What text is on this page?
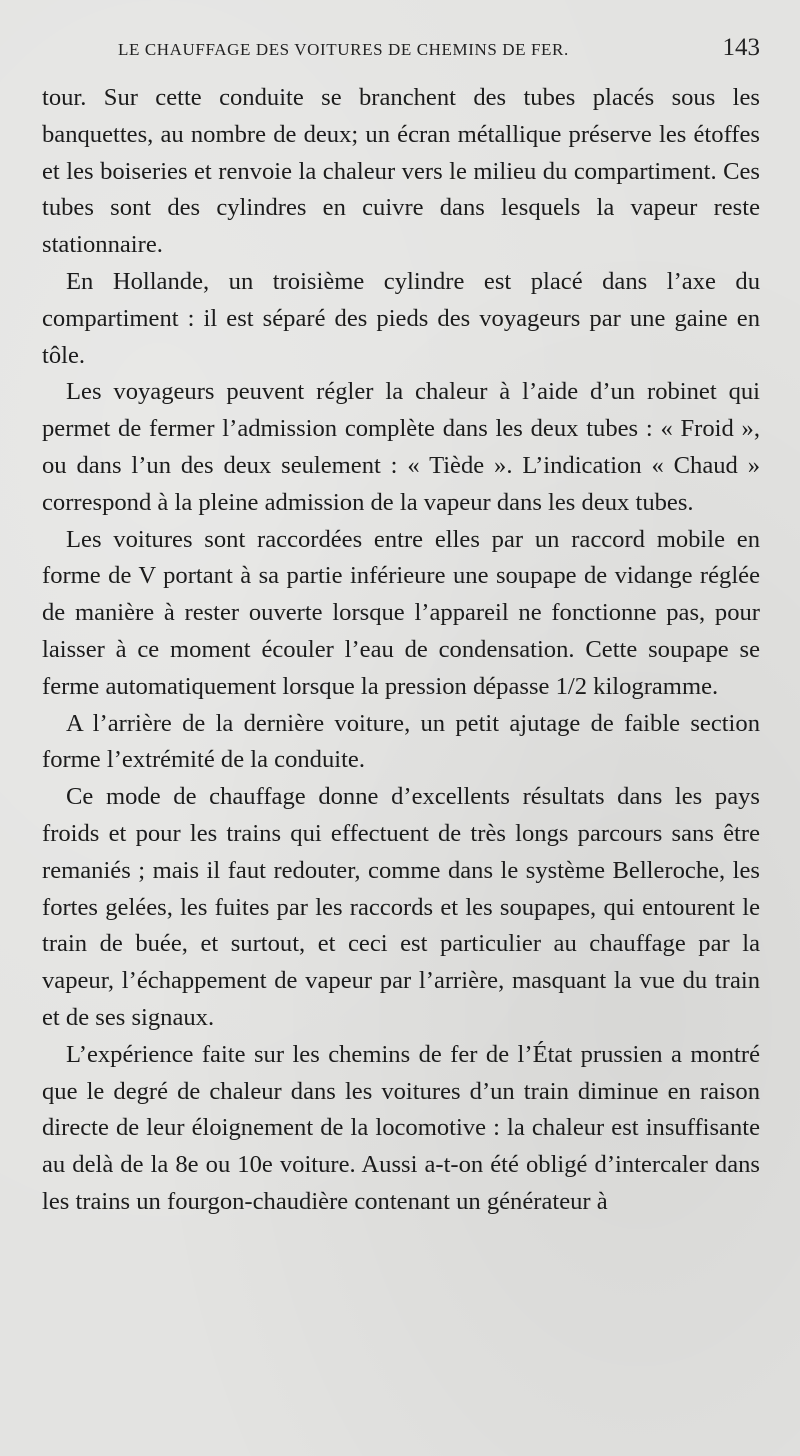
LE CHAUFFAGE DES VOITURES DE CHEMINS DE FER.	143

tour. Sur cette conduite se branchent des tubes placés sous les banquettes, au nombre de deux; un écran métallique préserve les étoffes et les boiseries et renvoie la chaleur vers le milieu du compartiment. Ces tubes sont des cylindres en cuivre dans lesquels la vapeur reste stationnaire.

En Hollande, un troisième cylindre est placé dans l’axe du compartiment : il est séparé des pieds des voyageurs par une gaine en tôle.

Les voyageurs peuvent régler la chaleur à l’aide d’un robinet qui permet de fermer l’admission complète dans les deux tubes : « Froid », ou dans l’un des deux seulement : « Tiède ». L’indication « Chaud » correspond à la pleine admission de la vapeur dans les deux tubes.

Les voitures sont raccordées entre elles par un raccord mobile en forme de V portant à sa partie inférieure une soupape de vidange réglée de manière à rester ouverte lorsque l’appareil ne fonctionne pas, pour laisser à ce moment écouler l’eau de condensation. Cette soupape se ferme automatiquement lorsque la pression dépasse 1/2 kilogramme.

A l’arrière de la dernière voiture, un petit ajutage de faible section forme l’extrémité de la conduite.

Ce mode de chauffage donne d’excellents résultats dans les pays froids et pour les trains qui effectuent de très longs parcours sans être remaniés ; mais il faut redouter, comme dans le système Belleroche, les fortes gelées, les fuites par les raccords et les soupapes, qui entourent le train de buée, et surtout, et ceci est particulier au chauffage par la vapeur, l’échappement de vapeur par l’arrière, masquant la vue du train et de ses signaux.

L’expérience faite sur les chemins de fer de l’État prussien a montré que le degré de chaleur dans les voitures d’un train diminue en raison directe de leur éloignement de la locomotive : la chaleur est insuffisante au delà de la 8e ou 10e voiture. Aussi a-t-on été obligé d’intercaler dans les trains un fourgon-chaudière contenant un générateur à
